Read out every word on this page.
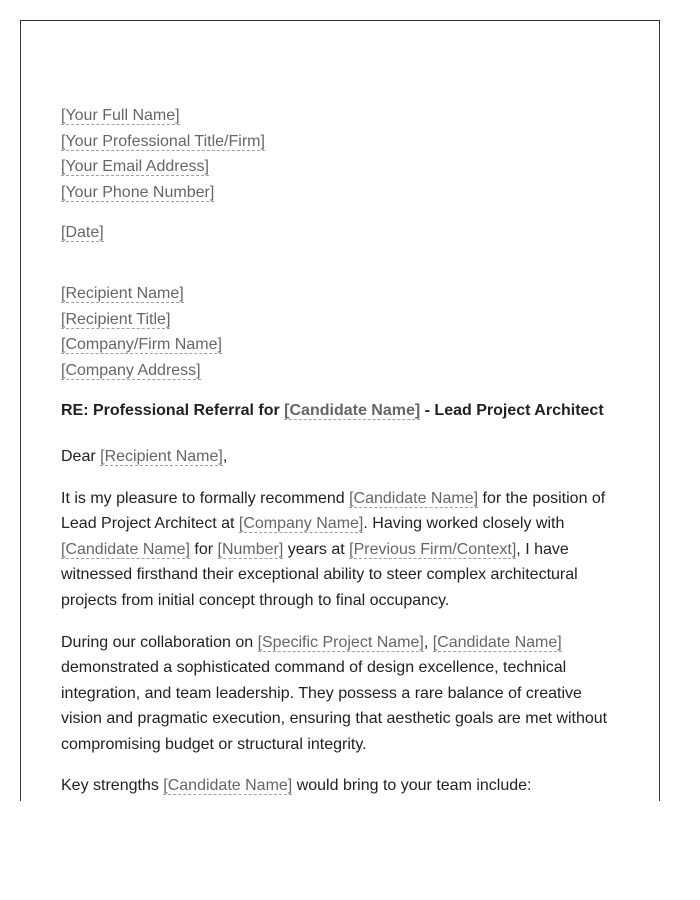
[Your Full Name]
[Your Professional Title/Firm]
[Your Email Address]
[Your Phone Number]
[Date]
[Recipient Name]
[Recipient Title]
[Company/Firm Name]
[Company Address]
RE: Professional Referral for [Candidate Name] - Lead Project Architect

Dear [Recipient Name],

It is my pleasure to formally recommend [Candidate Name] for the position of Lead Project Architect at [Company Name]. Having worked closely with [Candidate Name] for [Number] years at [Previous Firm/Context], I have witnessed firsthand their exceptional ability to steer complex architectural projects from initial concept through to final occupancy.

During our collaboration on [Specific Project Name], [Candidate Name] demonstrated a sophisticated command of design excellence, technical integration, and team leadership. They possess a rare balance of creative vision and pragmatic execution, ensuring that aesthetic goals are met without compromising budget or structural integrity.

Key strengths [Candidate Name] would bring to your team include:
